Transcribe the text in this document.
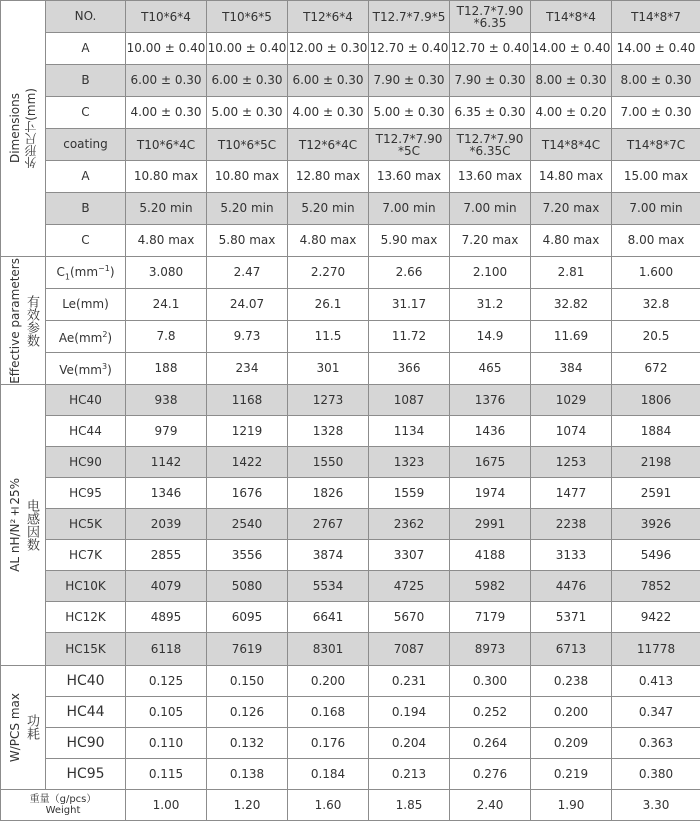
Dimensions 外形尺寸(mm)	NO.	T10*6*4	T10*6*5	T12*6*4	T12.7*7.9*5	T12.7*7.90 *6.35	T14*8*4	T14*8*7
	A	10.00 ± 0.40	10.00 ± 0.40	12.00 ± 0.30	12.70 ± 0.40	12.70 ± 0.40	14.00 ± 0.40	14.00 ± 0.40
	B	6.00 ± 0.30	6.00 ± 0.30	6.00 ± 0.30	7.90 ± 0.30	7.90 ± 0.30	8.00 ± 0.30	8.00 ± 0.30
	C	4.00 ± 0.30	5.00 ± 0.30	4.00 ± 0.30	5.00 ± 0.30	6.35 ± 0.30	4.00 ± 0.20	7.00 ± 0.30
	coating	T10*6*4C	T10*6*5C	T12*6*4C	T12.7*7.90 *5C	T12.7*7.90 *6.35C	T14*8*4C	T14*8*7C
	A	10.80 max	10.80 max	12.80 max	13.60 max	13.60 max	14.80 max	15.00 max
	B	5.20 min	5.20 min	5.20 min	7.00 min	7.00 min	7.20 max	7.00 min
	C	4.80 max	5.80 max	4.80 max	5.90 max	7.20 max	4.80 max	8.00 max

Effective parameters 有效参数	$C_1(mm^{-1})$	3.080	2.47	2.270	2.66	2.100	2.81	1.600
	Le(mm)	24.1	24.07	26.1	31.17	31.2	32.82	32.8
	$Ae(mm^2)$	7.8	9.73	11.5	11.72	14.9	11.69	20.5
	$Ve(mm^3)$	188	234	301	366	465	384	672

AL nH/N²±25% 电感因数	HC40	938	1168	1273	1087	1376	1029	1806
	HC44	979	1219	1328	1134	1436	1074	1884
	HC90	1142	1422	1550	1323	1675	1253	2198
	HC95	1346	1676	1826	1559	1974	1477	2591
	HC5K	2039	2540	2767	2362	2991	2238	3926
	HC7K	2855	3556	3874	3307	4188	3133	5496
	HC10K	4079	5080	5534	4725	5982	4476	7852
	HC12K	4895	6095	6641	5670	7179	5371	9422
	HC15K	6118	7619	8301	7087	8973	6713	11778

W/PCS max 功耗	HC40	0.125	0.150	0.200	0.231	0.300	0.238	0.413
	HC44	0.105	0.126	0.168	0.194	0.252	0.200	0.347
	HC90	0.110	0.132	0.176	0.204	0.264	0.209	0.363
	HC95	0.115	0.138	0.184	0.213	0.276	0.219	0.380

重量（g/pcs）
Weight		1.00	1.20	1.60	1.85	2.40	1.90	3.30
